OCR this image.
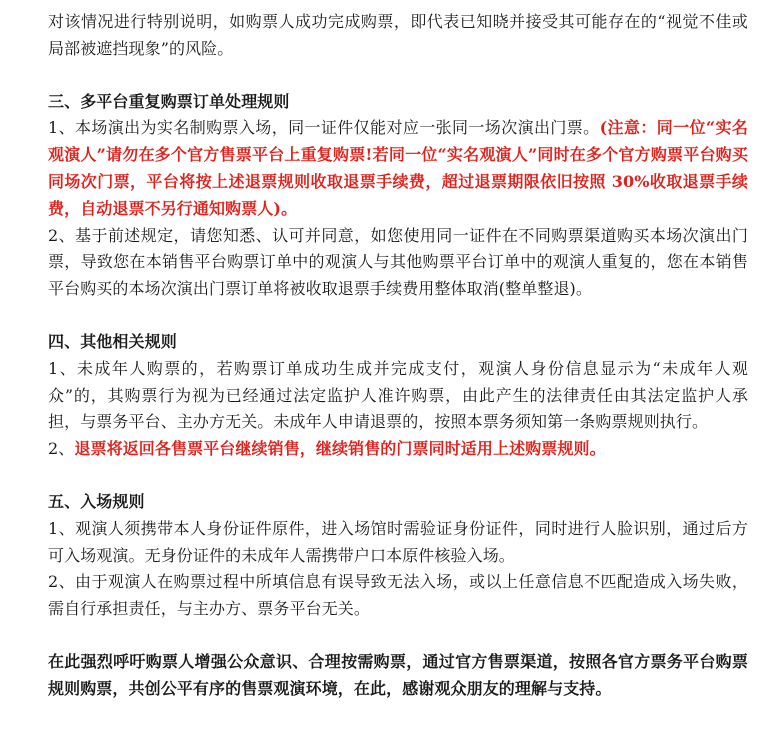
对该情况进行特别说明，如购票人成功完成购票，即代表已知晓并接受其可能存在的“视觉不佳或局部被遮挡现象”的风险。

三、多平台重复购票订单处理规则

1、本场演出为实名制购票入场，同一证件仅能对应一张同一场次演出门票。(注意：同一位“实名观演人”请勿在多个官方售票平台上重复购票!若同一位“实名观演人”同时在多个官方购票平台购买同场次门票，平台将按上述退票规则收取退票手续费，超过退票期限依旧按照 30%收取退票手续费，自动退票不另行通知购票人)。

2、基于前述规定，请您知悉、认可并同意，如您使用同一证件在不同购票渠道购买本场次演出门票，导致您在本销售平台购票订单中的观演人与其他购票平台订单中的观演人重复的，您在本销售平台购买的本场次演出门票订单将被收取退票手续费用整体取消(整单整退)。

四、其他相关规则

1、未成年人购票的，若购票订单成功生成并完成支付，观演人身份信息显示为“未成年人观众”的，其购票行为视为已经通过法定监护人准许购票，由此产生的法律责任由其法定监护人承担，与票务平台、主办方无关。未成年人申请退票的，按照本票务须知第一条购票规则执行。

2、退票将返回各售票平台继续销售，继续销售的门票同时适用上述购票规则。

五、入场规则

1、观演人须携带本人身份证件原件，进入场馆时需验证身份证件，同时进行人脸识别，通过后方可入场观演。无身份证件的未成年人需携带户口本原件核验入场。

2、由于观演人在购票过程中所填信息有误导致无法入场，或以上任意信息不匹配造成入场失败，需自行承担责任，与主办方、票务平台无关。

在此强烈呼吁购票人增强公众意识、合理按需购票，通过官方售票渠道，按照各官方票务平台购票规则购票，共创公平有序的售票观演环境，在此，感谢观众朋友的理解与支持。
